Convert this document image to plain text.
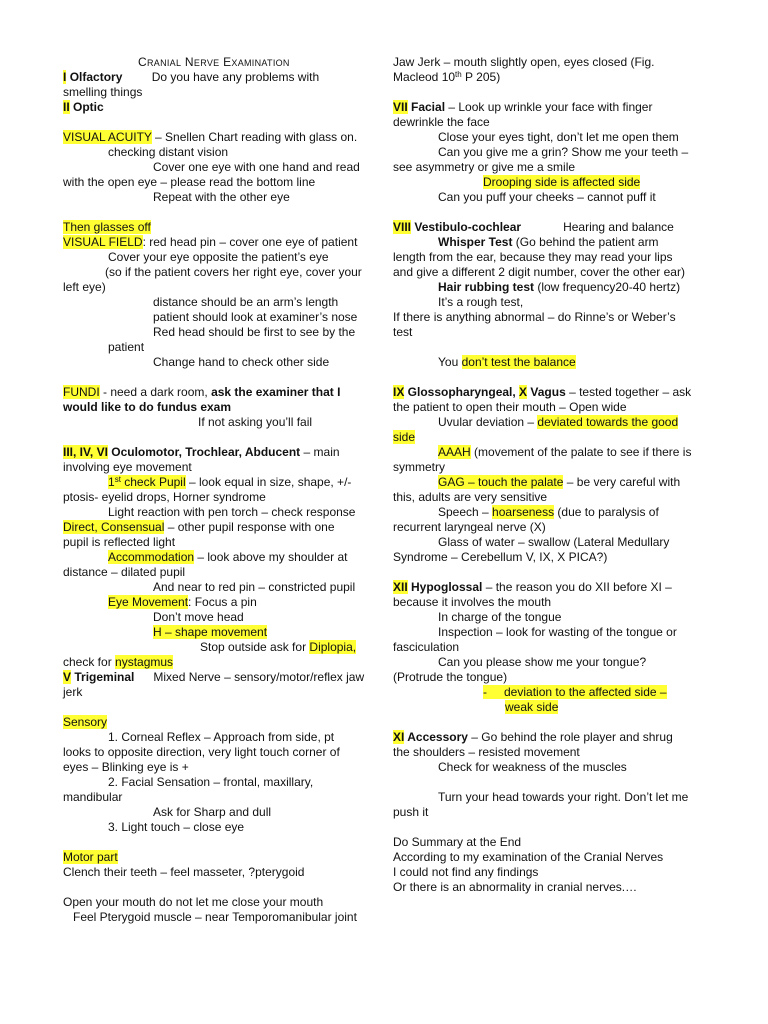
CRANIAL NERVE EXAMINATION
I Olfactory Do you have any problems with
smelling things
II Optic
VISUAL ACUITY – Snellen Chart reading with glass on.
checking distant vision
Cover one eye with one hand and read
with the open eye – please read the bottom line
Repeat with the other eye
Then glasses off
VISUAL FIELD: red head pin – cover one eye of patient
Cover your eye opposite the patient’s eye
(so if the patient covers her right eye, cover your
left eye)
distance should be an arm’s length
patient should look at examiner’s nose
Red head should be first to see by the
patient
Change hand to check other side
FUNDI - need a dark room, ask the examiner that I
would like to do fundus exam
If not asking you’ll fail
III, IV, VI Oculomotor, Trochlear, Abducent – main
involving eye movement
1st check Pupil – look equal in size, shape, +/-
ptosis- eyelid drops, Horner syndrome
Light reaction with pen torch – check response
Direct, Consensual – other pupil response with one
pupil is reflected light
Accommodation – look above my shoulder at
distance – dilated pupil
And near to red pin – constricted pupil
Eye Movement: Focus a pin
Don’t move head
H – shape movement
Stop outside ask for Diplopia,
check for nystagmus
V Trigeminal Mixed Nerve – sensory/motor/reflex jaw
jerk
Sensory
1. Corneal Reflex – Approach from side, pt
looks to opposite direction, very light touch corner of
eyes – Blinking eye is +
2. Facial Sensation – frontal, maxillary,
mandibular
Ask for Sharp and dull
3. Light touch – close eye
Motor part
Clench their teeth – feel masseter, ?pterygoid
Open your mouth do not let me close your mouth
Feel Pterygoid muscle – near Temporomanibular joint
Jaw Jerk – mouth slightly open, eyes closed (Fig.
Macleod 10th P 205)
VII Facial – Look up wrinkle your face with finger
dewrinkle the face
Close your eyes tight, don’t let me open them
Can you give me a grin? Show me your teeth –
see asymmetry or give me a smile
Drooping side is affected side
Can you puff your cheeks – cannot puff it
VIII Vestibulo-cochlear	Hearing and balance
Whisper Test (Go behind the patient arm
length from the ear, because they may read your lips
and give a different 2 digit number, cover the other ear)
Hair rubbing test (low frequency20-40 hertz)
It’s a rough test,
If there is anything abnormal – do Rinne’s or Weber’s
test
You don’t test the balance
IX Glossopharyngeal, X Vagus – tested together – ask
the patient to open their mouth – Open wide
Uvular deviation – deviated towards the good
side
AAAH (movement of the palate to see if there is
symmetry
GAG – touch the palate – be very careful with
this, adults are very sensitive
Speech – hoarseness (due to paralysis of
recurrent laryngeal nerve (X)
Glass of water – swallow (Lateral Medullary
Syndrome – Cerebellum V, IX, X PICA?)
XII Hypoglossal – the reason you do XII before XI –
because it involves the mouth
In charge of the tongue
Inspection – look for wasting of the tongue or
fasciculation
Can you please show me your tongue?
(Protrude the tongue)
- deviation to the affected side –
weak side
XI Accessory – Go behind the role player and shrug
the shoulders – resisted movement
Check for weakness of the muscles
Turn your head towards your right. Don’t let me
push it
Do Summary at the End
According to my examination of the Cranial Nerves
I could not find any findings
Or there is an abnormality in cranial nerves.…
